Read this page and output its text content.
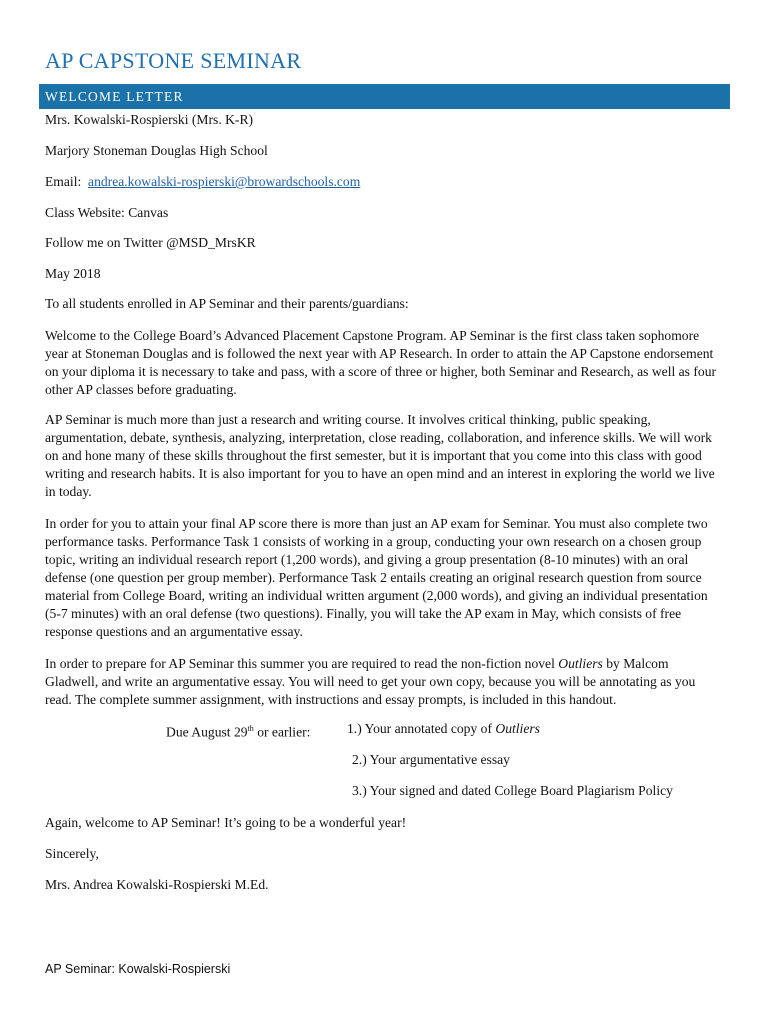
AP CAPSTONE SEMINAR
WELCOME LETTER

Mrs. Kowalski-Rospierski (Mrs. K-R)

Marjory Stoneman Douglas High School

Email: andrea.kowalski-rospierski@browardschools.com

Class Website: Canvas

Follow me on Twitter @MSD_MrsKR

May 2018

To all students enrolled in AP Seminar and their parents/guardians:

Welcome to the College Board’s Advanced Placement Capstone Program. AP Seminar is the first class taken sophomore year at Stoneman Douglas and is followed the next year with AP Research. In order to attain the AP Capstone endorsement on your diploma it is necessary to take and pass, with a score of three or higher, both Seminar and Research, as well as four other AP classes before graduating.

AP Seminar is much more than just a research and writing course. It involves critical thinking, public speaking, argumentation, debate, synthesis, analyzing, interpretation, close reading, collaboration, and inference skills. We will work on and hone many of these skills throughout the first semester, but it is important that you come into this class with good writing and research habits. It is also important for you to have an open mind and an interest in exploring the world we live in today.

In order for you to attain your final AP score there is more than just an AP exam for Seminar. You must also complete two performance tasks. Performance Task 1 consists of working in a group, conducting your own research on a chosen group topic, writing an individual research report (1,200 words), and giving a group presentation (8-10 minutes) with an oral defense (one question per group member). Performance Task 2 entails creating an original research question from source material from College Board, writing an individual written argument (2,000 words), and giving an individual presentation (5-7 minutes) with an oral defense (two questions). Finally, you will take the AP exam in May, which consists of free response questions and an argumentative essay.

In order to prepare for AP Seminar this summer you are required to read the non-fiction novel Outliers by Malcom Gladwell, and write an argumentative essay. You will need to get your own copy, because you will be annotating as you read. The complete summer assignment, with instructions and essay prompts, is included in this handout.

Due August 29th or earlier:	1.) Your annotated copy of Outliers
2.) Your argumentative essay
3.) Your signed and dated College Board Plagiarism Policy

Again, welcome to AP Seminar! It’s going to be a wonderful year!

Sincerely,

Mrs. Andrea Kowalski-Rospierski M.Ed.

AP Seminar: Kowalski-Rospierski
